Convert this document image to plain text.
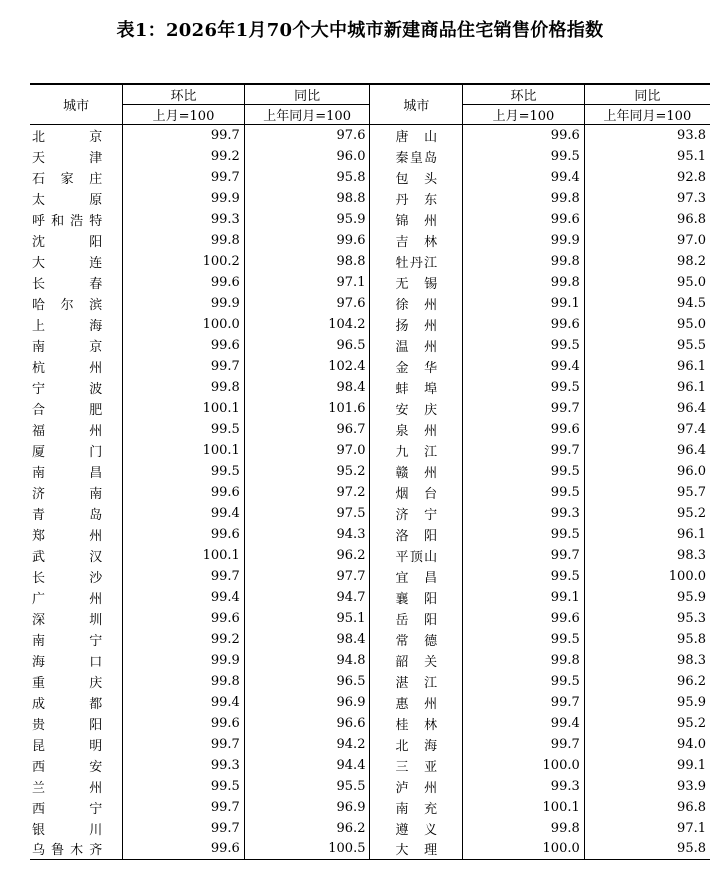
表1：2026年1月70个大中城市新建商品住宅销售价格指数
城市	环比	同比	城市	环比	同比
	上月=100	上年同月=100		上月=100	上年同月=100
北京	99.7	97.6	唐山	99.6	93.8
天津	99.2	96.0	秦皇岛	99.5	95.1
石家庄	99.7	95.8	包头	99.4	92.8
太原	99.9	98.8	丹东	99.8	97.3
呼和浩特	99.3	95.9	锦州	99.6	96.8
沈阳	99.8	99.6	吉林	99.9	97.0
大连	100.2	98.8	牡丹江	99.8	98.2
长春	99.6	97.1	无锡	99.8	95.0
哈尔滨	99.9	97.6	徐州	99.1	94.5
上海	100.0	104.2	扬州	99.6	95.0
南京	99.6	96.5	温州	99.5	95.5
杭州	99.7	102.4	金华	99.4	96.1
宁波	99.8	98.4	蚌埠	99.5	96.1
合肥	100.1	101.6	安庆	99.7	96.4
福州	99.5	96.7	泉州	99.6	97.4
厦门	100.1	97.0	九江	99.7	96.4
南昌	99.5	95.2	赣州	99.5	96.0
济南	99.6	97.2	烟台	99.5	95.7
青岛	99.4	97.5	济宁	99.3	95.2
郑州	99.6	94.3	洛阳	99.5	96.1
武汉	100.1	96.2	平顶山	99.7	98.3
长沙	99.7	97.7	宜昌	99.5	100.0
广州	99.4	94.7	襄阳	99.1	95.9
深圳	99.6	95.1	岳阳	99.6	95.3
南宁	99.2	98.4	常德	99.5	95.8
海口	99.9	94.8	韶关	99.8	98.3
重庆	99.8	96.5	湛江	99.5	96.2
成都	99.4	96.9	惠州	99.7	95.9
贵阳	99.6	96.6	桂林	99.4	95.2
昆明	99.7	94.2	北海	99.7	94.0
西安	99.3	94.4	三亚	100.0	99.1
兰州	99.5	95.5	泸州	99.3	93.9
西宁	99.7	96.9	南充	100.1	96.8
银川	99.7	96.2	遵义	99.8	97.1
乌鲁木齐	99.6	100.5	大理	100.0	95.8
